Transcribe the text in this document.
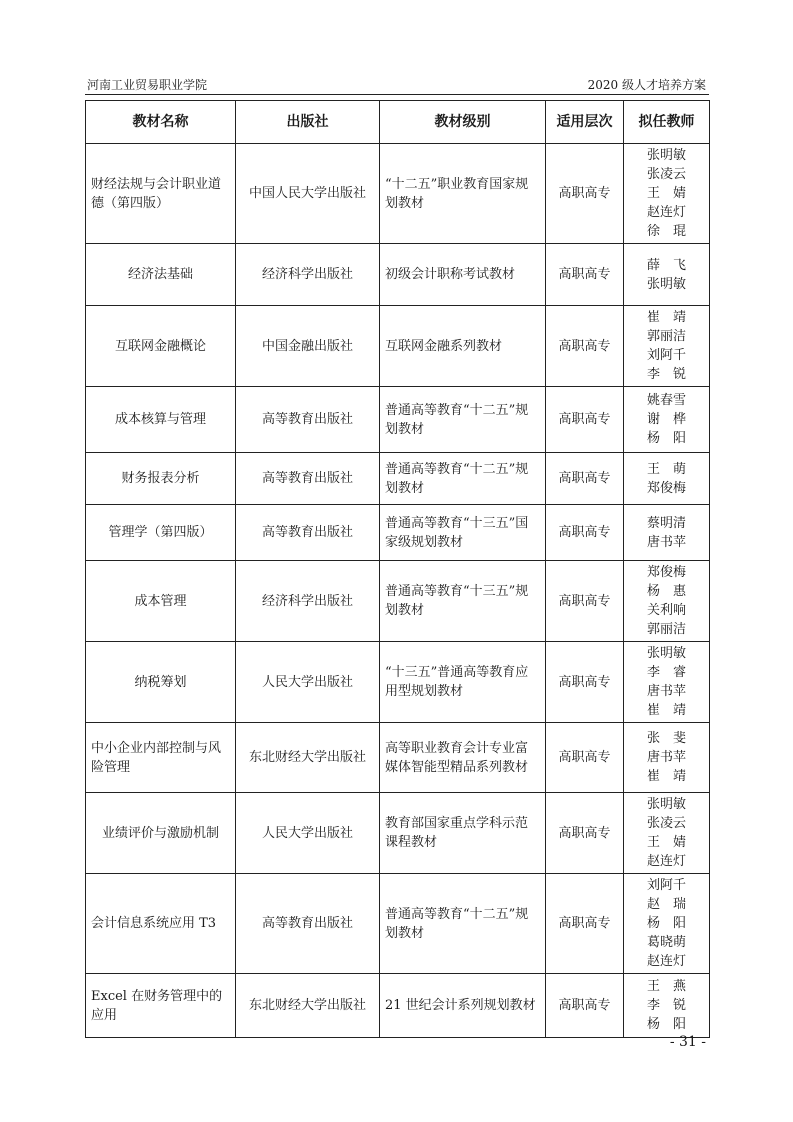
河南工业贸易职业学院	2020 级人才培养方案
教材名称	出版社	教材级别	适用层次	拟任教师
财经法规与会计职业道德（第四版）	中国人民大学出版社	“十二五”职业教育国家规划教材	高职高专	张明敏
张凌云
王　婧
赵连灯
徐　琨

经济法基础	经济科学出版社	初级会计职称考试教材	高职高专	薛　飞
张明敏

互联网金融概论	中国金融出版社	互联网金融系列教材	高职高专	崔　靖
郭丽洁
刘阿千
李　锐

成本核算与管理	高等教育出版社	普通高等教育“十二五”规划教材	高职高专	姚春雪
谢　桦
杨　阳

财务报表分析	高等教育出版社	普通高等教育“十二五”规划教材	高职高专	王　萌
郑俊梅

管理学（第四版）	高等教育出版社	普通高等教育“十三五”国家级规划教材	高职高专	蔡明清
唐书苹

成本管理	经济科学出版社	普通高等教育“十三五”规划教材	高职高专	郑俊梅
杨　惠
关利响
郭丽洁

纳税筹划	人民大学出版社	“十三五”普通高等教育应用型规划教材	高职高专	张明敏
李　睿
唐书苹
崔　靖

中小企业内部控制与风险管理	东北财经大学出版社	高等职业教育会计专业富媒体智能型精品系列教材	高职高专	张　斐
唐书苹
崔　靖

业绩评价与激励机制	人民大学出版社	教育部国家重点学科示范课程教材	高职高专	张明敏
张凌云
王　婧
赵连灯

会计信息系统应用 T3	高等教育出版社	普通高等教育“十二五”规划教材	高职高专	刘阿千
赵　瑞
杨　阳
葛晓萌
赵连灯

Excel 在财务管理中的应用	东北财经大学出版社	21 世纪会计系列规划教材	高职高专	王　燕
李　锐
杨　阳
- 31 -
